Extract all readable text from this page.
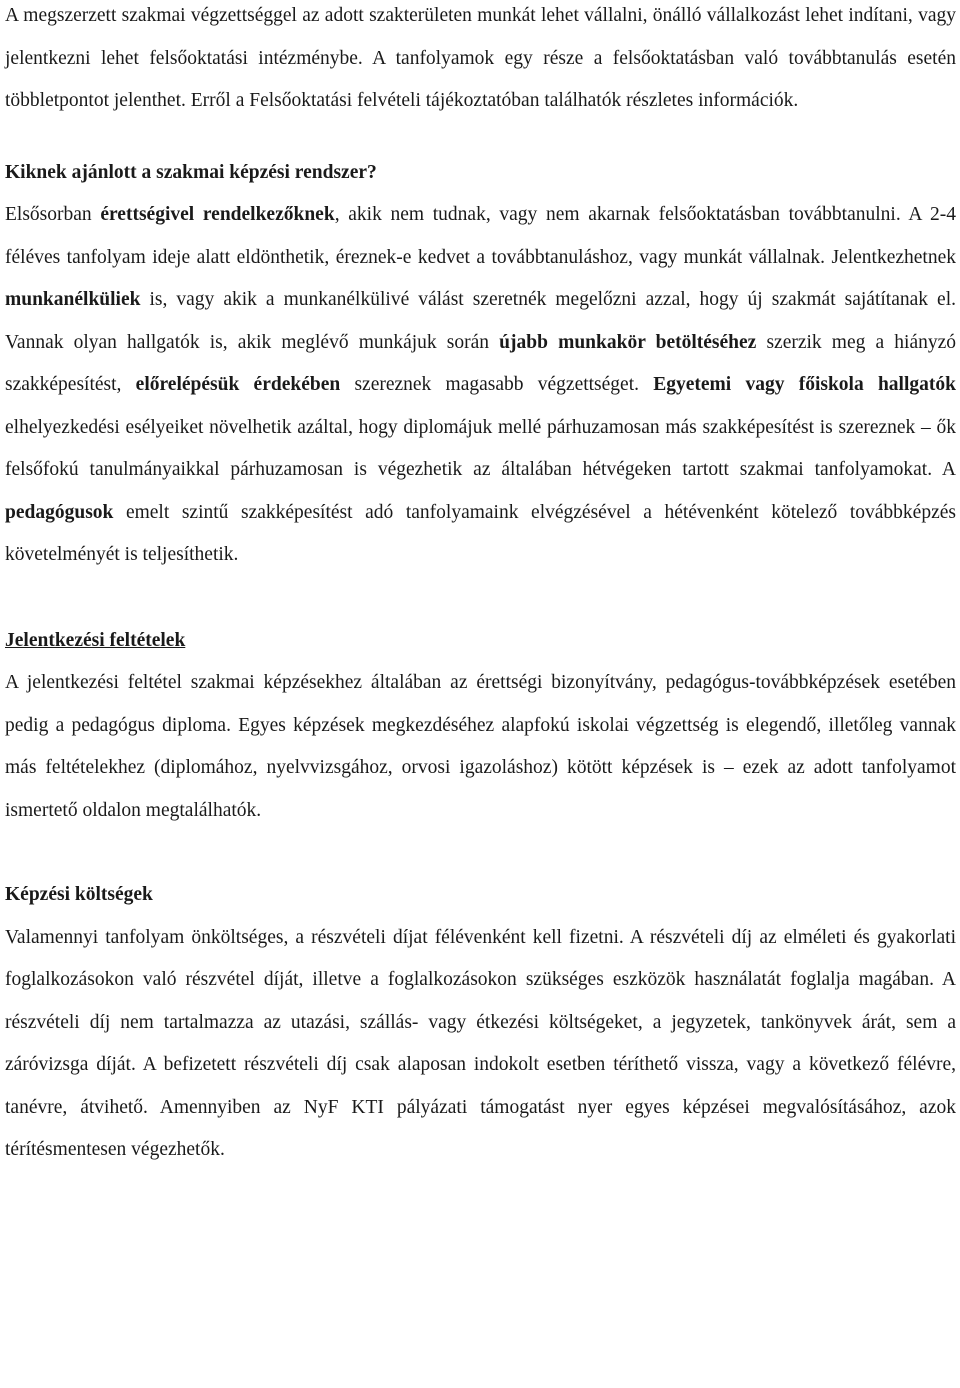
A megszerzett szakmai végzettséggel az adott szakterületen munkát lehet vállalni, önálló vállalkozást lehet indítani, vagy jelentkezni lehet felsőoktatási intézménybe. A tanfolyamok egy része a felsőoktatásban való továbbtanulás esetén többletpontot jelenthet. Erről a Felsőoktatási felvételi tájékoztatóban találhatók részletes információk.

Kiknek ajánlott a szakmai képzési rendszer?

Elsősorban érettségivel rendelkezőknek, akik nem tudnak, vagy nem akarnak felsőoktatásban továbbtanulni. A 2-4 féléves tanfolyam ideje alatt eldönthetik, éreznek-e kedvet a továbbtanuláshoz, vagy munkát vállalnak. Jelentkezhetnek munkanélküliek is, vagy akik a munkanélkülivé válást szeretnék megelőzni azzal, hogy új szakmát sajátítanak el. Vannak olyan hallgatók is, akik meglévő munkájuk során újabb munkakör betöltéséhez szerzik meg a hiányzó szakképesítést, előrelépésük érdekében szereznek magasabb végzettséget. Egyetemi vagy főiskola hallgatók elhelyezkedési esélyeiket növelhetik azáltal, hogy diplomájuk mellé párhuzamosan más szakképesítést is szereznek – ők felsőfokú tanulmányaikkal párhuzamosan is végezhetik az általában hétvégeken tartott szakmai tanfolyamokat. A pedagógusok emelt szintű szakképesítést adó tanfolyamaink elvégzésével a hétévenként kötelező továbbképzés követelményét is teljesíthetik.

Jelentkezési feltételek

A jelentkezési feltétel szakmai képzésekhez általában az érettségi bizonyítvány, pedagógus-továbbképzések esetében pedig a pedagógus diploma. Egyes képzések megkezdéséhez alapfokú iskolai végzettség is elegendő, illetőleg vannak más feltételekhez (diplomához, nyelvvizsgához, orvosi igazoláshoz) kötött képzések is – ezek az adott tanfolyamot ismertető oldalon megtalálhatók.

Képzési költségek

Valamennyi tanfolyam önköltséges, a részvételi díjat félévenként kell fizetni. A részvételi díj az elméleti és gyakorlati foglalkozásokon való részvétel díját, illetve a foglalkozásokon szükséges eszközök használatát foglalja magában. A részvételi díj nem tartalmazza az utazási, szállás- vagy étkezési költségeket, a jegyzetek, tankönyvek árát, sem a záróvizsga díját. A befizetett részvételi díj csak alaposan indokolt esetben téríthető vissza, vagy a következő félévre, tanévre, átvihető. Amennyiben az NyF KTI pályázati támogatást nyer egyes képzései megvalósításához, azok térítésmentesen végezhetők.
